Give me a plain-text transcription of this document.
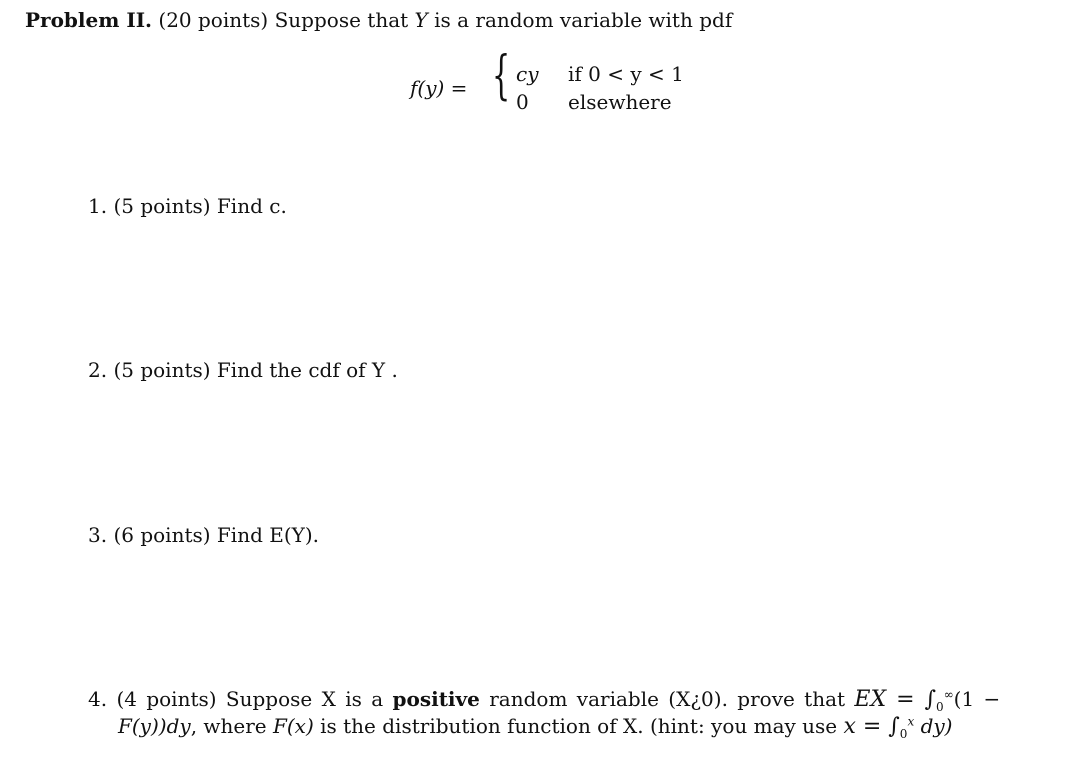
Problem II. (20 points) Suppose that Y is a random variable with pdf
f(y) = { cy if 0 < y < 1
0 elsewhere
1. (5 points) Find c.
2. (5 points) Find the cdf of Y .
3. (6 points) Find E(Y).
4. (4 points) Suppose X is a positive random variable (X¿0). prove that EX = $\int_0^\infty(1$ −
F(y))dy, where F(x) is the distribution function of X. (hint: you may use $x = \int_0^x$ dy)
